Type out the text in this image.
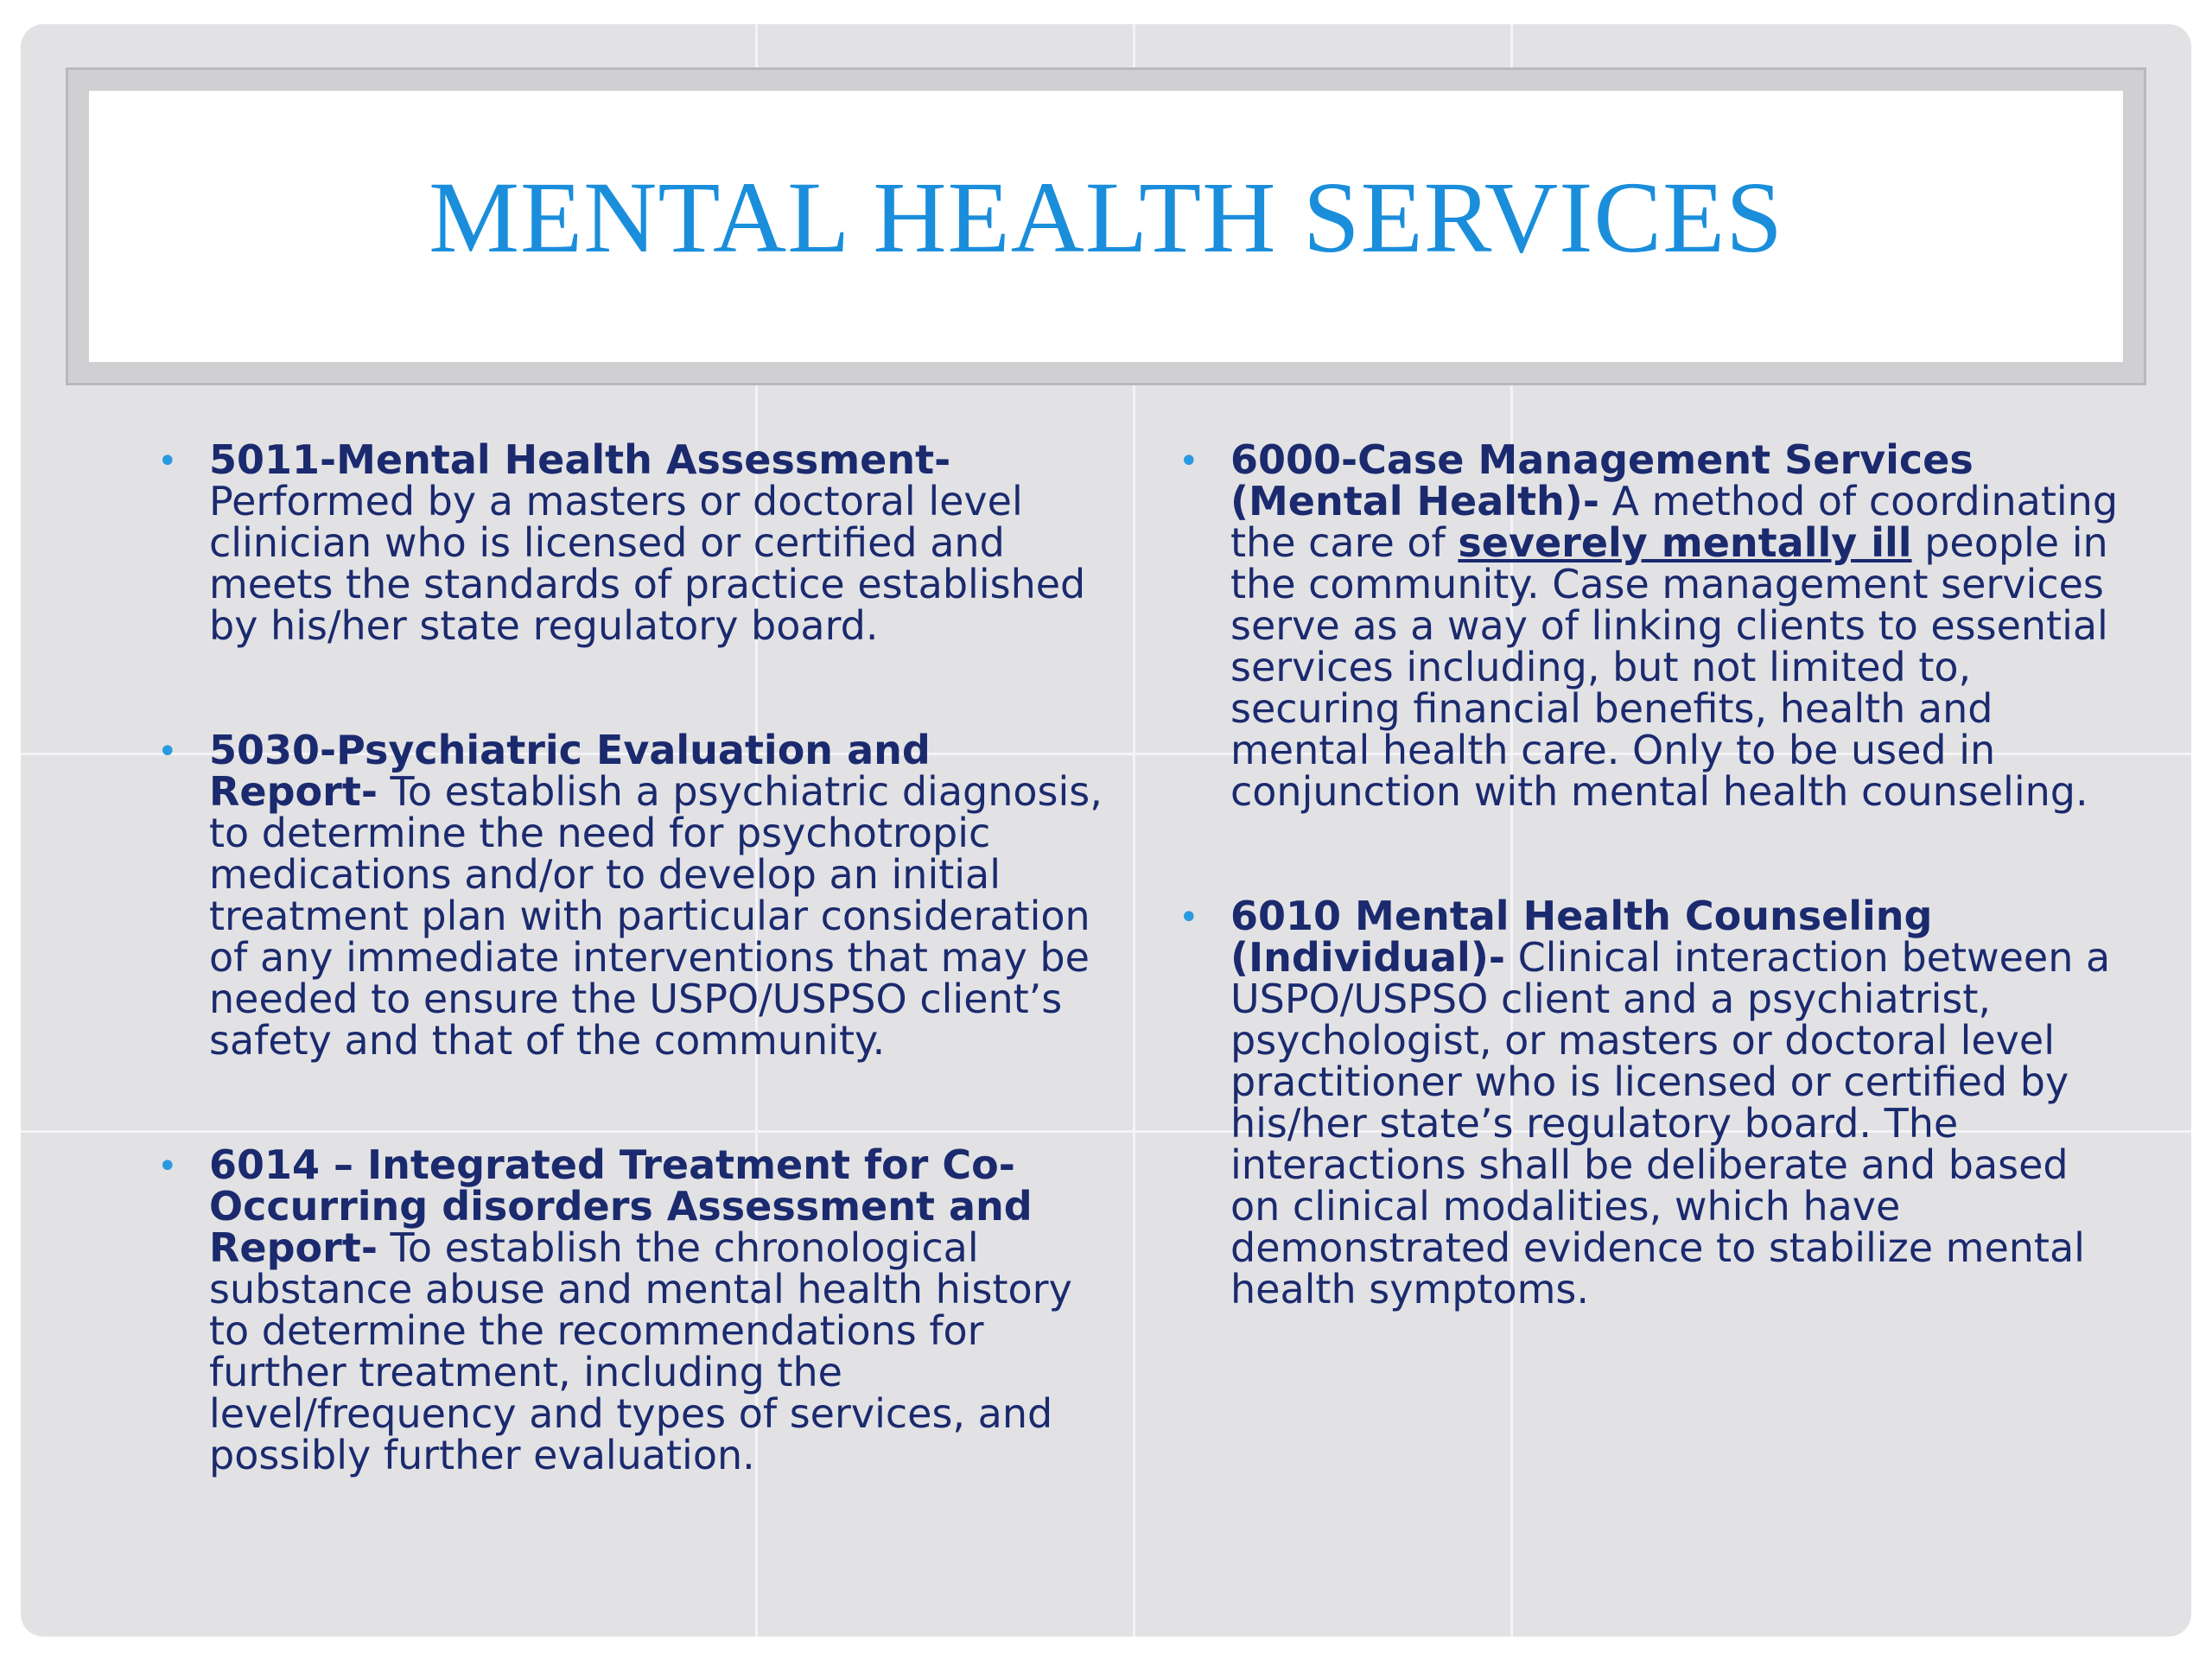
MENTAL HEALTH SERVICES
• 5011-Mental Health Assessment- Performed by a masters or doctoral level clinician who is licensed or certified and meets the standards of practice established by his/her state regulatory board.
• 5030-Psychiatric Evaluation and Report- To establish a psychiatric diagnosis, to determine the need for psychotropic medications and/or to develop an initial treatment plan with particular consideration of any immediate interventions that may be needed to ensure the USPO/USPSO client’s safety and that of the community.
• 6014 – Integrated Treatment for Co-Occurring disorders Assessment and Report- To establish the chronological substance abuse and mental health history to determine the recommendations for further treatment, including the level/frequency and types of services, and possibly further evaluation.
• 6000-Case Management Services (Mental Health)- A method of coordinating the care of severely mentally ill people in the community. Case management services serve as a way of linking clients to essential services including, but not limited to, securing financial benefits, health and mental health care. Only to be used in conjunction with mental health counseling.
• 6010 Mental Health Counseling (Individual)- Clinical interaction between a USPO/USPSO client and a psychiatrist, psychologist, or masters or doctoral level practitioner who is licensed or certified by his/her state’s regulatory board. The interactions shall be deliberate and based on clinical modalities, which have demonstrated evidence to stabilize mental health symptoms.
